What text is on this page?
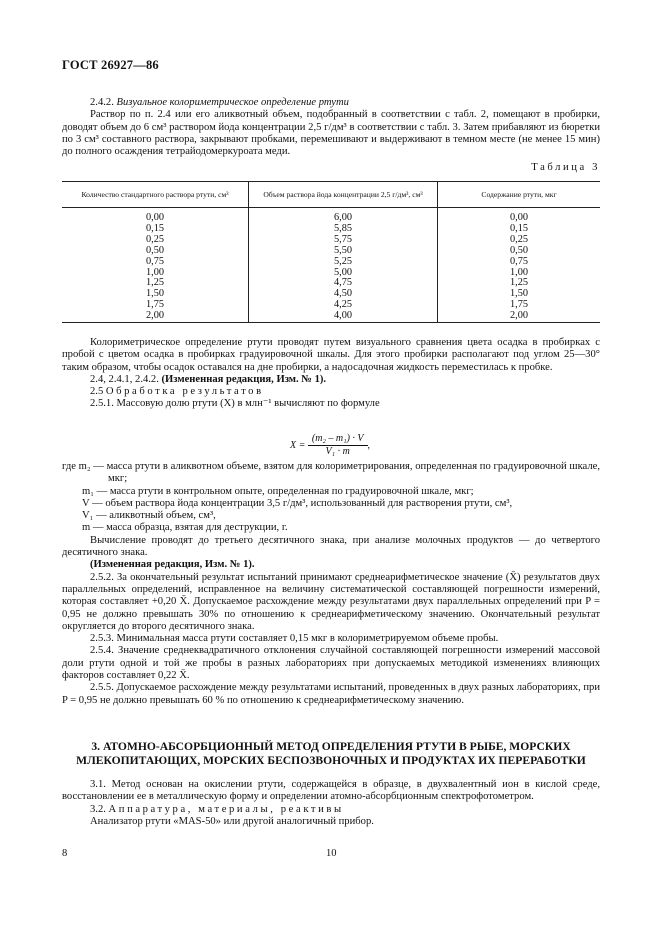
ГОСТ 26927—86

2.4.2. Визуальное колориметрическое определение ртути

Раствор по п. 2.4 или его аликвотный объем, подобранный в соответствии с табл. 2, помещают в пробирки, доводят объем до 6 см³ раствором йода концентрации 2,5 г/дм³ в соответствии с табл. 3. Затем прибавляют из бюретки по 3 см³ составного раствора, закрывают пробками, перемешивают и выдерживают в темном месте (не менее 15 мин) до полного осаждения тетрайодомеркуроата меди.

Таблица 3
Количество стандартного раствора ртути, см³	Объем раствора йода концентрации 2,5 г/дм³, см³	Содержание ртути, мкг
0,00	6,00	0,00
0,15	5,85	0,15
0,25	5,75	0,25
0,50	5,50	0,50
0,75	5,25	0,75
1,00	5,00	1,00
1,25	4,75	1,25
1,50	4,50	1,50
1,75	4,25	1,75
2,00	4,00	2,00

Колориметрическое определение ртути проводят путем визуального сравнения цвета осадка в пробирках с пробой с цветом осадка в пробирках градуировочной шкалы. Для этого пробирки располагают под углом 25—30° таким образом, чтобы осадок оставался на дне пробирки, а надосадочная жидкость переместилась к пробке.

2.4, 2.4.1, 2.4.2. (Измененная редакция, Изм. № 1).

2.5 Обработка результатов

2.5.1. Массовую долю ртути (X) в млн⁻¹ вычисляют по формуле

$X = \frac{\text{(m₂ – m₁) · V}}{\text{V₁ · m}}$ ,

где m₂ — масса ртути в аликвотном объеме, взятом для колориметрирования, определенная по градуировочной шкале, мкг;

m₁ — масса ртути в контрольном опыте, определенная по градуировочной шкале, мкг;

V — объем раствора йода концентрации 3,5 г/дм³, использованный для растворения ртути, см³,

V₁ — аликвотный объем, см³,

m — масса образца, взятая для деструкции, г.

Вычисление проводят до третьего десятичного знака, при анализе молочных продуктов — до четвертого десятичного знака.

(Измененная редакция, Изм. № 1).

2.5.2. За окончательный результат испытаний принимают среднеарифметическое значение (X̄) результатов двух параллельных определений, исправленное на величину систематической составляющей погрешности измерений, которая составляет +0,20 X̄. Допускаемое расхождение между результатами двух параллельных определений при P = 0,95 не должно превышать 30% по отношению к среднеарифметическому значению. Окончательный результат округляется до второго десятичного знака.

2.5.3. Минимальная масса ртути составляет 0,15 мкг в колориметрируемом объеме пробы.

2.5.4. Значение среднеквадратичного отклонения случайной составляющей погрешности измерений массовой доли ртути одной и той же пробы в разных лабораториях при допускаемых методикой изменениях влияющих факторов составляет 0,22 X̄.

2.5.5. Допускаемое расхождение между результатами испытаний, проведенных в двух разных лабораториях, при P = 0,95 не должно превышать 60 % по отношению к среднеарифметическому значению.

3. АТОМНО-АБСОРБЦИОННЫЙ МЕТОД ОПРЕДЕЛЕНИЯ РТУТИ В РЫБЕ, МОРСКИХ МЛЕКОПИТАЮЩИХ, МОРСКИХ БЕСПОЗВОНОЧНЫХ И ПРОДУКТАХ ИХ ПЕРЕРАБОТКИ

3.1. Метод основан на окислении ртути, содержащейся в образце, в двухвалентный ион в кислой среде, восстановлении ее в металлическую форму и определении атомно-абсорбционным спектрофотометром.

3.2. Аппаратура, материалы, реактивы

Анализатор ртути «MAS-50» или другой аналогичный прибор.

8	10
